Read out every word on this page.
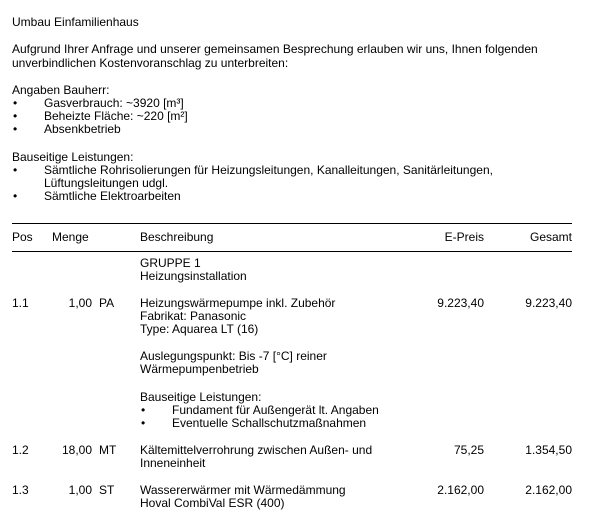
Umbau Einfamilienhaus
Aufgrund Ihrer Anfrage und unserer gemeinsamen Besprechung erlauben wir uns, Ihnen folgenden
unverbindlichen Kostenvoranschlag zu unterbreiten:
Angaben Bauherr:
• Gasverbrauch: ~3920 [m³]
• Beheizte Fläche: ~220 [m²]
• Absenkbetrieb
Bauseitige Leistungen:
• Sämtliche Rohrisolierungen für Heizungsleitungen, Kanalleitungen, Sanitärleitungen,
Lüftungsleitungen udgl.
• Sämtliche Elektroarbeiten
Pos Menge	Beschreibung	E-Preis	Gesamt
GRUPPE 1
Heizungsinstallation
1.1	1,00 PA Heizungswärmepumpe inkl. Zubehör
Fabrikat: Panasonic
Type: Aquarea LT (16)
Auslegungspunkt: Bis -7 [°C] reiner
Wärmepumpenbetrieb
Bauseitige Leistungen:
• Fundament für Außengerät lt. Angaben
• Eventuelle Schallschutzmaßnahmen
9.223,40	9.223,40
1.2	18,00 MT Kältemittelverrohrung zwischen Außen- und
Inneneinheit
75,25	1.354,50
1.3	1,00 ST Wassererwärmer mit Wärmedämmung
Hoval CombiVal ESR (400)
2.162,00	2.162,00
